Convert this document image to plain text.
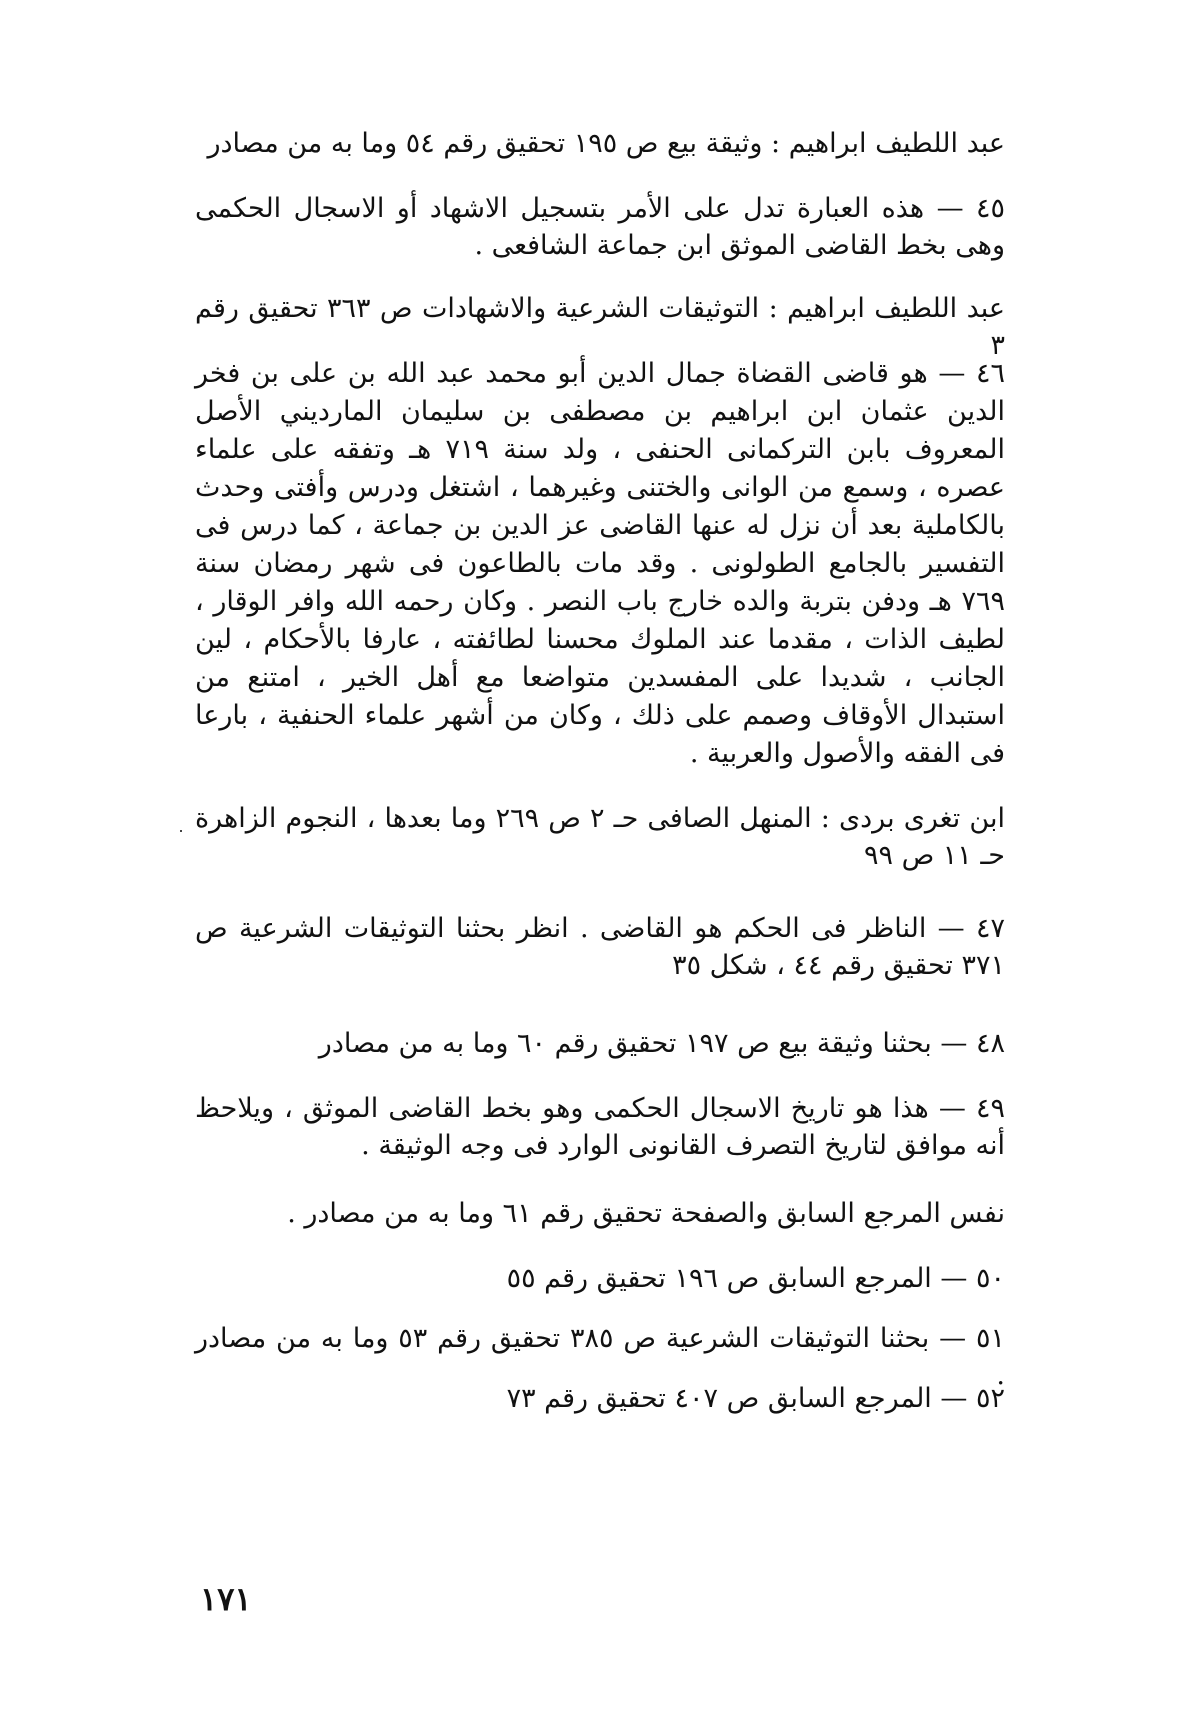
عبد اللطيف ابراهيم : وثيقة بيع ص ١٩٥ تحقيق رقم ٥٤ وما به من مصادر

٤٥ — هذه العبارة تدل على الأمر بتسجيل الاشهاد أو الاسجال الحكمى وهى بخط القاضى الموثق ابن جماعة الشافعى .

عبد اللطيف ابراهيم : التوثيقات الشرعية والاشهادات ص ٣٦٣ تحقيق رقم ٣

٤٦ — هو قاضى القضاة جمال الدين أبو محمد عبد الله بن على بن فخر الدين عثمان ابن ابراهيم بن مصطفى بن سليمان المارديني الأصل المعروف بابن التركمانى الحنفى ، ولد سنة ٧١٩ هـ وتفقه على علماء عصره ، وسمع من الوانى والختنى وغيرهما ، اشتغل ودرس وأفتى وحدث بالكاملية بعد أن نزل له عنها القاضى عز الدين بن جماعة ، كما درس فى التفسير بالجامع الطولونى . وقد مات بالطاعون فى شهر رمضان سنة ٧٦٩ هـ ودفن بتربة والده خارج باب النصر . وكان رحمه الله وافر الوقار ، لطيف الذات ، مقدما عند الملوك محسنا لطائفته ، عارفا بالأحكام ، لين الجانب ، شديدا على المفسدين متواضعا مع أهل الخير ، امتنع من استبدال الأوقاف وصمم على ذلك ، وكان من أشهر علماء الحنفية ، بارعا فى الفقه والأصول والعربية .

ابن تغرى بردى : المنهل الصافى حـ ٢ ص ٢٦٩ وما بعدها ، النجوم الزاهرة حـ ١١ ص ٩٩

٤٧ — الناظر فى الحكم هو القاضى . انظر بحثنا التوثيقات الشرعية ص ٣٧١ تحقيق رقم ٤٤ ، شكل ٣٥

٤٨ — بحثنا وثيقة بيع ص ١٩٧ تحقيق رقم ٦٠ وما به من مصادر

٤٩ — هذا هو تاريخ الاسجال الحكمى وهو بخط القاضى الموثق ، ويلاحظ أنه موافق لتاريخ التصرف القانونى الوارد فى وجه الوثيقة .

نفس المرجع السابق والصفحة تحقيق رقم ٦١ وما به من مصادر .

٥٠ — المرجع السابق ص ١٩٦ تحقيق رقم ٥٥

٥١ — بحثنا التوثيقات الشرعية ص ٣٨٥ تحقيق رقم ٥٣ وما به من مصادر .

٥٢ — المرجع السابق ص ٤٠٧ تحقيق رقم ٧٣

١٧١
